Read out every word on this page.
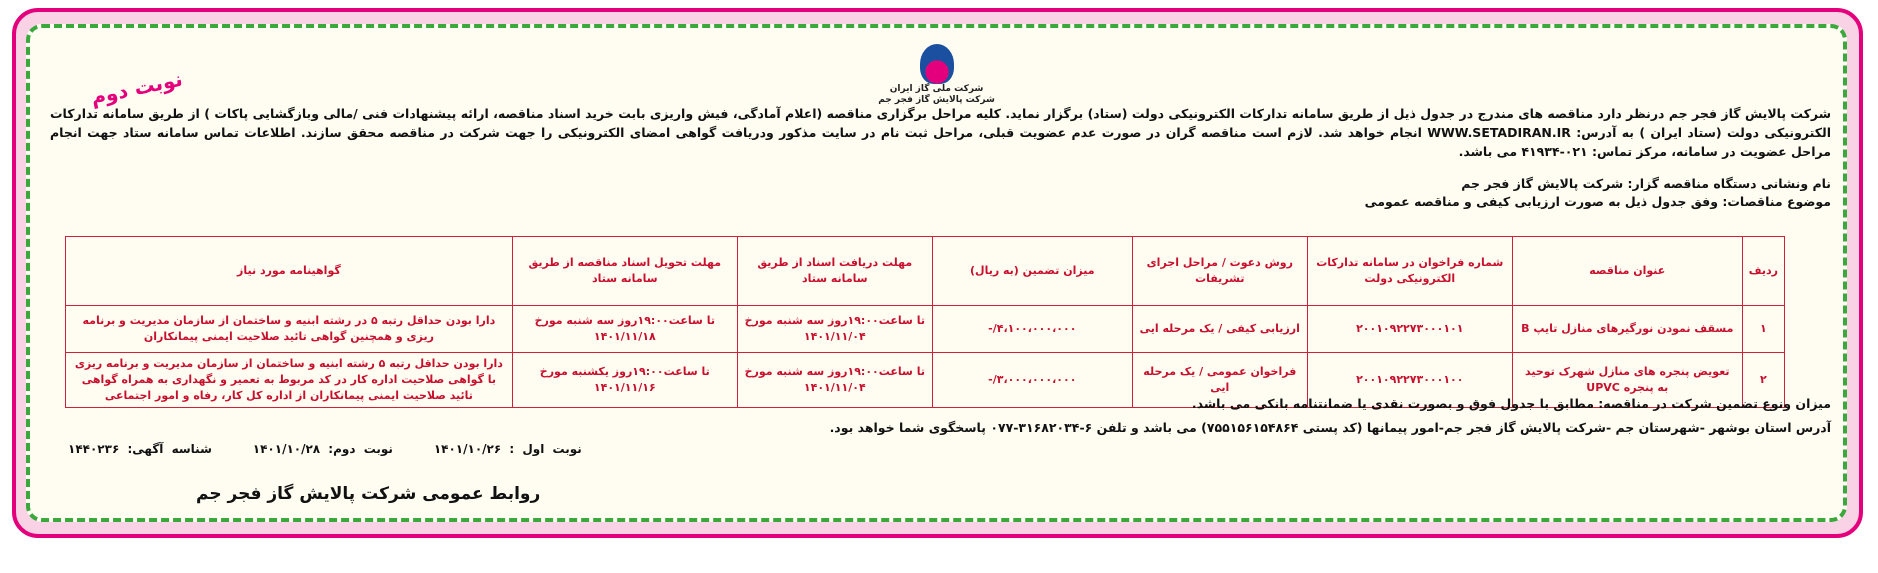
نوبت دوم	شرکت ملی گاز ایران
شرکت پالایش گاز فجر جم
شرکت پالایش گاز فجر جم درنظر دارد مناقصه های مندرج در جدول ذیل از طریق سامانه تدارکات الکترونیکی دولت (ستاد) برگزار نماید. کلیه مراحل برگزاری مناقصه (اعلام آمادگی، فیش واریزی بابت خرید اسناد مناقصه، ارائه پیشنهادات فنی /مالی وبازگشایی پاکات ) از طریق سامانه تدارکات الکترونیکی دولت (ستاد ایران ) به آدرس: WWW.SETADIRAN.IR انجام خواهد شد. لازم است مناقصه گران در صورت عدم عضویت قبلی، مراحل ثبت نام در سایت مذکور ودریافت گواهی امضای الکترونیکی را جهت شرکت در مناقصه محقق سازند. اطلاعات تماس سامانه ستاد جهت انجام مراحل عضویت در سامانه، مرکز تماس: ۰۲۱-۴۱۹۳۴ می باشد.
نام ونشانی دستگاه مناقصه گزار: شرکت پالایش گاز فجر جم
موضوع مناقصات: وفق جدول ذیل به صورت ارزیابی کیفی و مناقصه عمومی
ردیف	عنوان مناقصه	شماره فراخوان در سامانه تدارکات الکترونیکی دولت	روش دعوت / مراحل اجرای تشریفات	میزان تضمین (به ریال)	مهلت دریافت اسناد از طریق سامانه ستاد	مهلت تحویل اسناد مناقصه از طریق سامانه ستاد	گواهینامه مورد نیاز
۱	مسقف نمودن نورگیرهای منازل تایپ B	۲۰۰۱۰۹۲۲۷۳۰۰۰۱۰۱	ارزیابی کیفی / یک مرحله ایی	۴،۱۰۰،۰۰۰،۰۰۰/-	تا ساعت۱۹:۰۰روز سه شنبه مورخ ۱۴۰۱/۱۱/۰۴	تا ساعت۱۹:۰۰روز سه شنبه مورخ ۱۴۰۱/۱۱/۱۸	دارا بودن حداقل رتبه ۵ در رشته ابنیه و ساختمان از سازمان مدیریت و برنامه ریزی و همچنین گواهی تائید صلاحیت ایمنی پیمانکاران
۲	تعویض پنجره های منازل شهرک توحید به پنجره UPVC	۲۰۰۱۰۹۲۲۷۳۰۰۰۱۰۰	فراخوان عمومی / یک مرحله ایی	۳،۰۰۰،۰۰۰،۰۰۰/-	تا ساعت۱۹:۰۰روز سه شنبه مورخ ۱۴۰۱/۱۱/۰۴	تا ساعت۱۹:۰۰روز یکشنبه مورخ ۱۴۰۱/۱۱/۱۶	دارا بودن حداقل رتبه ۵ رشته ابنیه و ساختمان از سازمان مدیریت و برنامه ریزی با گواهی صلاحیت اداره کار در کد مربوط به تعمیر و نگهداری به همراه گواهی تائید صلاحیت ایمنی پیمانکاران از اداره کل کار، رفاه و امور اجتماعی
میزان ونوع تضمین شرکت در مناقصه: مطابق با جدول فوق و بصورت نقدی یا ضمانتنامه بانکی می باشد.
آدرس استان بوشهر -شهرستان جم -شرکت پالایش گاز فجر جم-امور پیمانها (کد پستی ۷۵۵۱۵۶۱۵۴۸۶۴) می باشد و تلفن ۶-۳۱۶۸۲۰۳۴-۰۷۷ پاسخگوی شما خواهد بود.
نوبت اول : ۱۴۰۱/۱۰/۲۶     نوبت دوم: ۱۴۰۱/۱۰/۲۸     شناسه آگهی: ۱۴۴۰۲۳۶
روابط عمومی شرکت پالایش گاز فجر جم
